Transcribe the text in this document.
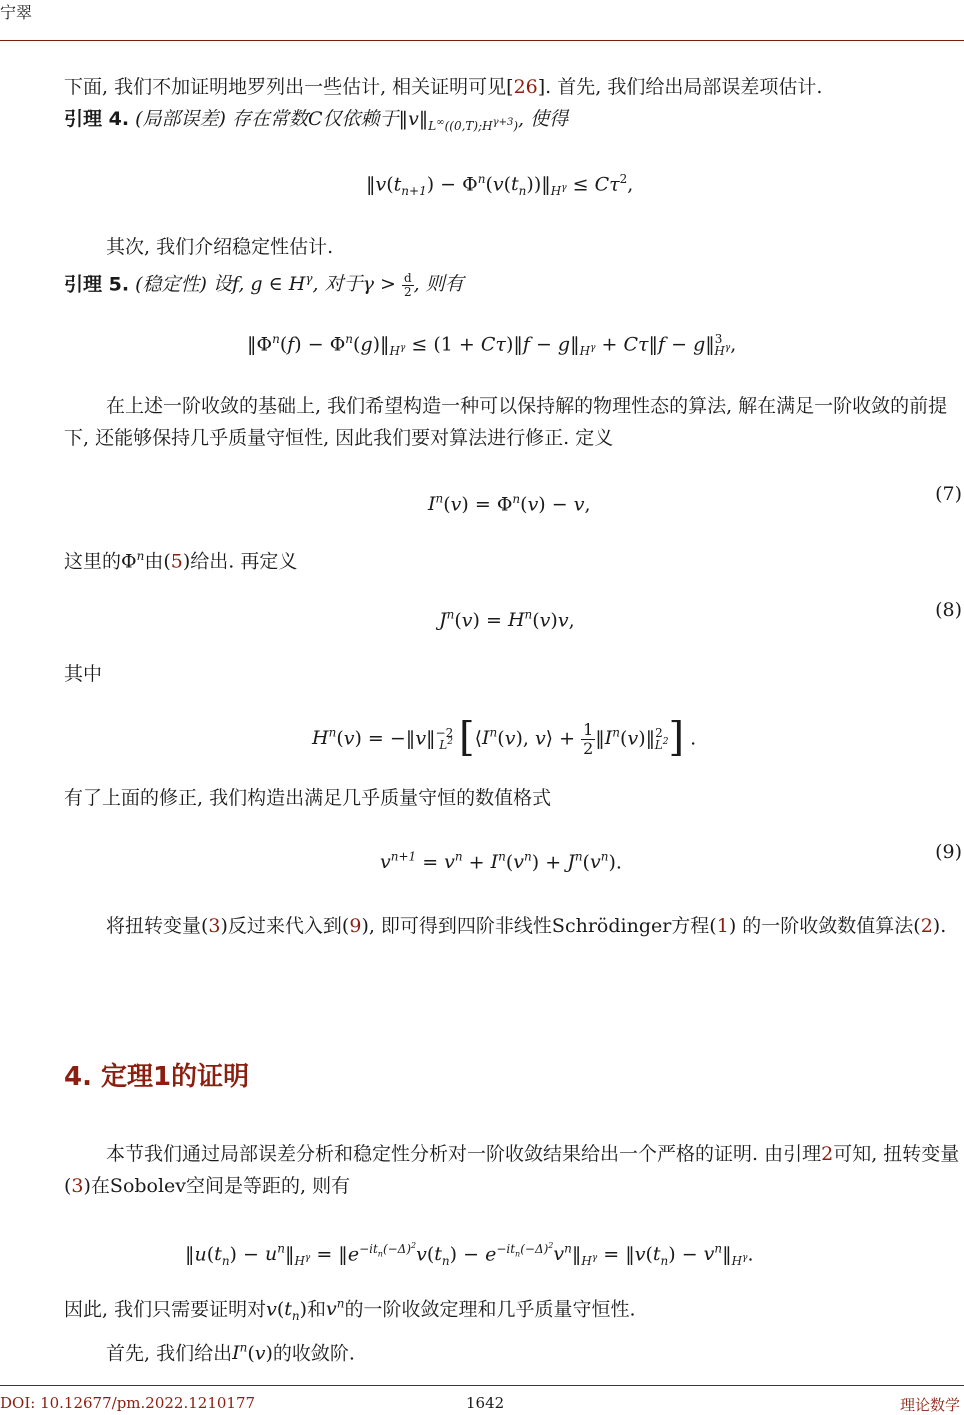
宁翠
下面, 我们不加证明地罗列出一些估计, 相关证明可见[26]. 首先, 我们给出局部误差项估计.
引理 4. (局部误差) 存在常数C仅依赖于$‖v‖_{L^\infty((0,T);H^{\gamma+3})}$, 使得
$‖v(t_{n+1})$ − $\Phi^n(v(t_n))‖_{H^\gamma} \le C\tau^2$,
其次, 我们介绍稳定性估计.
引理 5. (稳定性) 设f, g ∈ $H^\gamma$, 对于$\gamma > \frac{d}{2}$ , 则有
$‖\Phi^n(f)$ − $\Phi^n(g)‖_{H^\gamma} \le (1$ + Cτ)‖f − $g‖_{H^\gamma}$ + Cτ‖f − g‖$^3_{H^\gamma}$,
在上述一阶收敛的基础上, 我们希望构造一种可以保持解的物理性态的算法, 解在满足一阶收敛的前提下, 还能够保持几乎质量守恒性, 因此我们要对算法进行修正. 定义
$I^n(v) = \Phi^n(v) - v$,	(7)
这里的$\Phi^n$由(5)给出. 再定义
$J^n(v) = H^n(v)v$,	(8)
其中
$H^n(v)$ = −‖v‖$^{-2}_{L^2}$ [$⟨I^n(v)$, v⟩ + $\frac{1}{2}$ $‖I^n(v)‖^2_{L^2}$] .
有了上面的修正, 我们构造出满足几乎质量守恒的数值格式
$v^{n+1} = v^n + I^n(v^n) + J^n(v^n)$.	(9)
将扭转变量(3)反过来代入到(9), 即可得到四阶非线性Schrödinger方程(1) 的一阶收敛数值算法(2).
4. 定理1的证明
本节我们通过局部误差分析和稳定性分析对一阶收敛结果给出一个严格的证明. 由引理2可知, 扭转变量(3)在Sobolev空间是等距的, 则有
$‖u(t_n)$ − $u^n‖_{H^\gamma}$ = $‖e^{-it_n(-\Delta)^2}v(t_n)$ − $e^{-it_n(-\Delta)^2}v^n‖_{H^\gamma}$ = $‖v(t_n)$ − $v^n‖_{H^\gamma}$.
因此, 我们只需要证明对$v(t_n)$和$v^n$的一阶收敛定理和几乎质量守恒性.
首先, 我们给出$I^n(v)$的收敛阶.
DOI: 10.12677/pm.2022.1210177	1642	理论数学
